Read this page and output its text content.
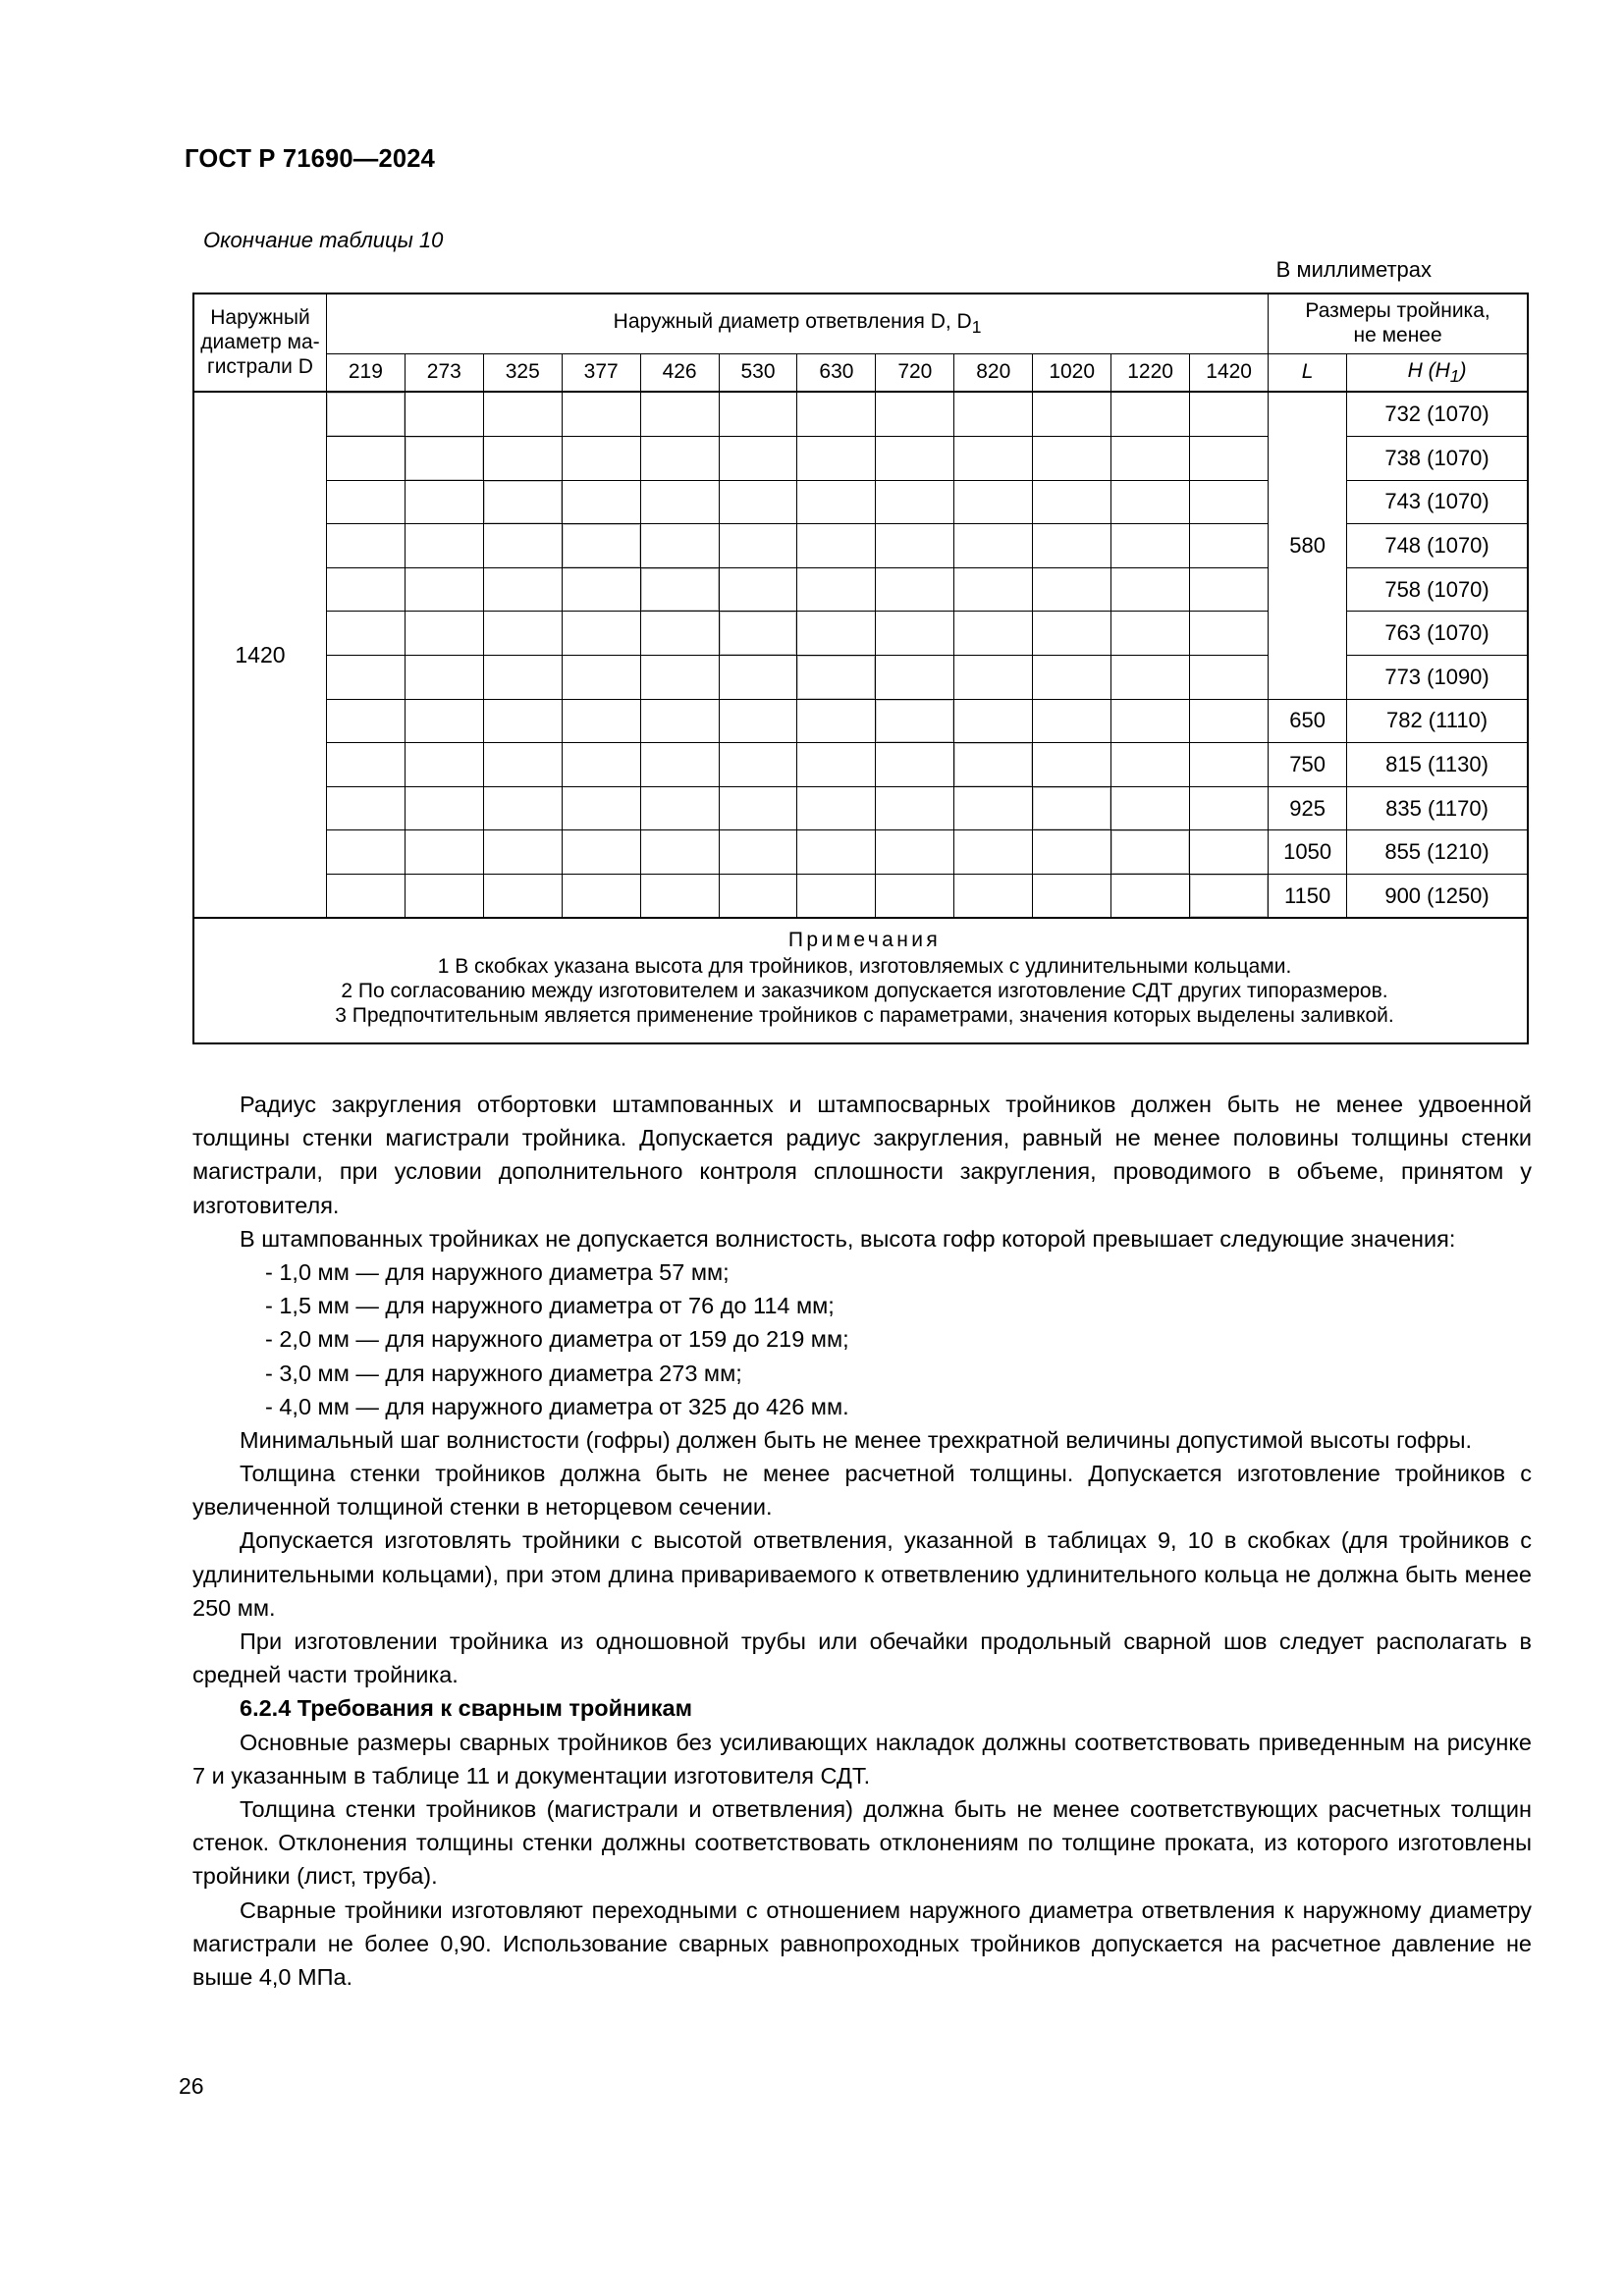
ГОСТ Р 71690—2024
Окончание таблицы 10
В миллиметрах
Наружный
диаметр ма-
гистрали D	Наружный диаметр ответвления D, $D_1$												Размеры тройника,
не менее	
	219	273	325	377	426	530	630	720	820	1020	1220	1420	L	H $(H_1)$
1420													580	732 (1070)
														738 (1070)
														743 (1070)
														748 (1070)
														758 (1070)
														763 (1070)
														773 (1090)
													650	782 (1110)
													750	815 (1130)
													925	835 (1170)
													1050	855 (1210)
													1150	900 (1250)

Примечания
1 В скобках указана высота для тройников, изготовляемых с удлинительными кольцами.
2 По согласованию между изготовителем и заказчиком допускается изготовление СДТ других типоразмеров.
3 Предпочтительным является применение тройников с параметрами, значения которых выделены заливкой.														

Радиус закругления отбортовки штампованных и штампосварных тройников должен быть не менее удвоенной толщины стенки магистрали тройника. Допускается радиус закругления, равный не менее половины толщины стенки магистрали, при условии дополнительного контроля сплошности закругления, проводимого в объеме, принятом у изготовителя.

В штампованных тройниках не допускается волнистость, высота гофр которой превышает следующие значения:

- 1,0 мм — для наружного диаметра 57 мм;
- 1,5 мм — для наружного диаметра от 76 до 114 мм;
- 2,0 мм — для наружного диаметра от 159 до 219 мм;
- 3,0 мм — для наружного диаметра 273 мм;
- 4,0 мм — для наружного диаметра от 325 до 426 мм.

Минимальный шаг волнистости (гофры) должен быть не менее трехкратной величины допустимой высоты гофры.

Толщина стенки тройников должна быть не менее расчетной толщины. Допускается изготовление тройников с увеличенной толщиной стенки в неторцевом сечении.

Допускается изготовлять тройники с высотой ответвления, указанной в таблицах 9, 10 в скобках (для тройников с удлинительными кольцами), при этом длина привариваемого к ответвлению удлинительного кольца не должна быть менее 250 мм.

При изготовлении тройника из одношовной трубы или обечайки продольный сварной шов следует располагать в средней части тройника.

6.2.4 Требования к сварным тройникам

Основные размеры сварных тройников без усиливающих накладок должны соответствовать приведенным на рисунке 7 и указанным в таблице 11 и документации изготовителя СДТ.

Толщина стенки тройников (магистрали и ответвления) должна быть не менее соответствующих расчетных толщин стенок. Отклонения толщины стенки должны соответствовать отклонениям по толщине проката, из которого изготовлены тройники (лист, труба).

Сварные тройники изготовляют переходными с отношением наружного диаметра ответвления к наружному диаметру магистрали не более 0,90. Использование сварных равнопроходных тройников допускается на расчетное давление не выше 4,0 МПа.

26
